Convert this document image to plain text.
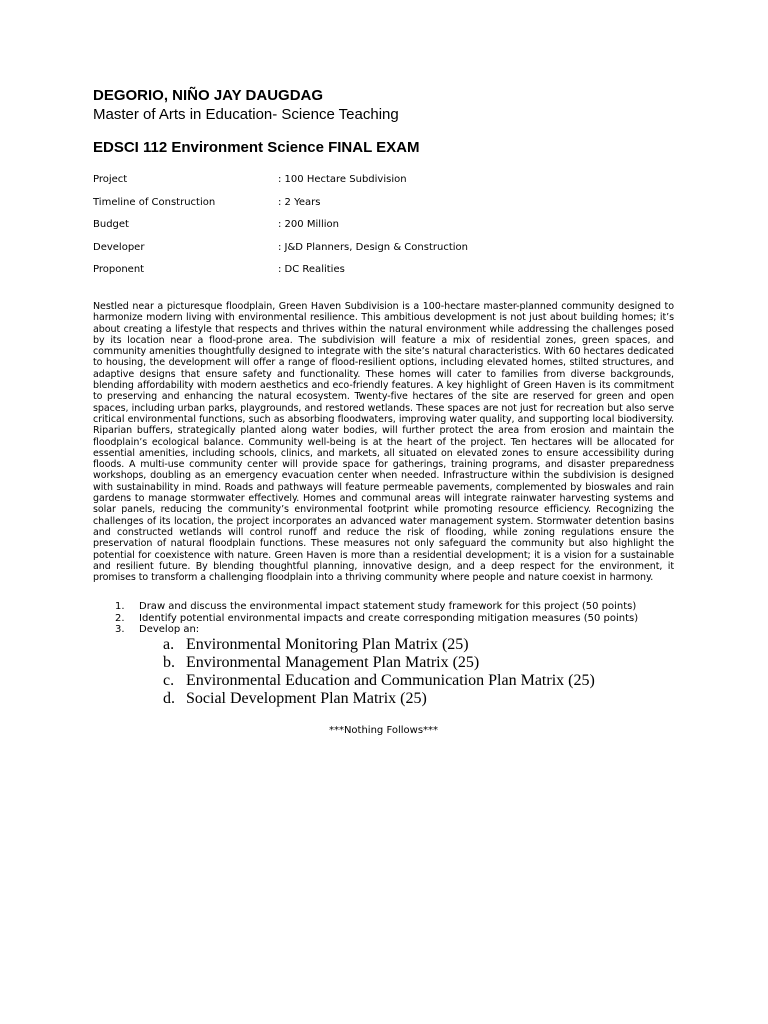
DEGORIO, NIÑO JAY DAUGDAG

Master of Arts in Education- Science Teaching

EDSCI 112 Environment Science FINAL EXAM

Project	: 100 Hectare Subdivision
Timeline of Construction	: 2 Years
Budget	: 200 Million
Developer	: J&D Planners, Design & Construction
Proponent	: DC Realities

Nestled near a picturesque floodplain, Green Haven Subdivision is a 100-hectare master-planned community designed to harmonize modern living with environmental resilience. This ambitious development is not just about building homes; it’s about creating a lifestyle that respects and thrives within the natural environment while addressing the challenges posed by its location near a flood-prone area. The subdivision will feature a mix of residential zones, green spaces, and community amenities thoughtfully designed to integrate with the site’s natural characteristics. With 60 hectares dedicated to housing, the development will offer a range of flood-resilient options, including elevated homes, stilted structures, and adaptive designs that ensure safety and functionality. These homes will cater to families from diverse backgrounds, blending affordability with modern aesthetics and eco-friendly features. A key highlight of Green Haven is its commitment to preserving and enhancing the natural ecosystem. Twenty-five hectares of the site are reserved for green and open spaces, including urban parks, playgrounds, and restored wetlands. These spaces are not just for recreation but also serve critical environmental functions, such as absorbing floodwaters, improving water quality, and supporting local biodiversity. Riparian buffers, strategically planted along water bodies, will further protect the area from erosion and maintain the floodplain’s ecological balance. Community well-being is at the heart of the project. Ten hectares will be allocated for essential amenities, including schools, clinics, and markets, all situated on elevated zones to ensure accessibility during floods. A multi-use community center will provide space for gatherings, training programs, and disaster preparedness workshops, doubling as an emergency evacuation center when needed. Infrastructure within the subdivision is designed with sustainability in mind. Roads and pathways will feature permeable pavements, complemented by bioswales and rain gardens to manage stormwater effectively. Homes and communal areas will integrate rainwater harvesting systems and solar panels, reducing the community’s environmental footprint while promoting resource efficiency. Recognizing the challenges of its location, the project incorporates an advanced water management system. Stormwater detention basins and constructed wetlands will control runoff and reduce the risk of flooding, while zoning regulations ensure the preservation of natural floodplain functions. These measures not only safeguard the community but also highlight the potential for coexistence with nature. Green Haven is more than a residential development; it is a vision for a sustainable and resilient future. By blending thoughtful planning, innovative design, and a deep respect for the environment, it promises to transform a challenging floodplain into a thriving community where people and nature coexist in harmony.

1.	Draw and discuss the environmental impact statement study framework for this project (50 points)
2.	Identify potential environmental impacts and create corresponding mitigation measures (50 points)
3.	Develop an:
a. Environmental Monitoring Plan Matrix (25)
b. Environmental Management Plan Matrix (25)
c. Environmental Education and Communication Plan Matrix (25)
d. Social Development Plan Matrix (25)
***Nothing Follows***
